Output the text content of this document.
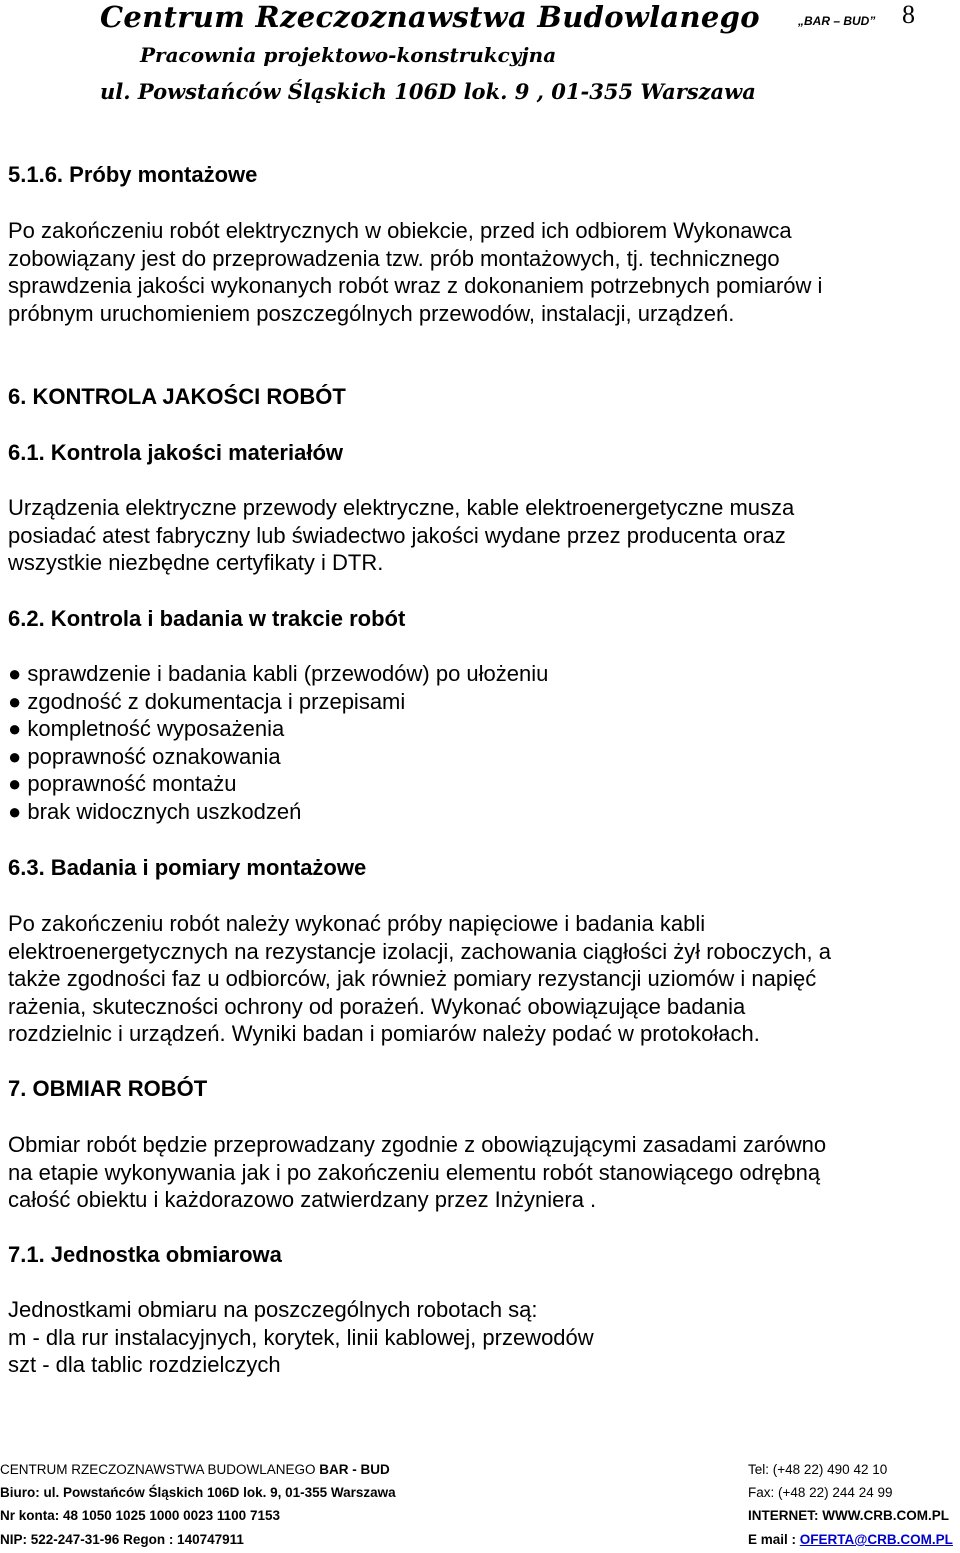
Centrum Rzeczoznawstwa Budowlanego	„BAR – BUD” 8
Pracownia projektowo-konstrukcyjna
ul. Powstańców Śląskich 106D lok. 9 , 01-355 Warszawa
5.1.6. Próby montażowe
Po zakończeniu robót elektrycznych w obiekcie, przed ich odbiorem Wykonawca
zobowiązany jest do przeprowadzenia tzw. prób montażowych, tj. technicznego
sprawdzenia jakości wykonanych robót wraz z dokonaniem potrzebnych pomiarów i
próbnym uruchomieniem poszczególnych przewodów, instalacji, urządzeń.
6. KONTROLA JAKOŚCI ROBÓT
6.1. Kontrola jakości materiałów
Urządzenia elektryczne przewody elektryczne, kable elektroenergetyczne musza
posiadać atest fabryczny lub świadectwo jakości wydane przez producenta oraz
wszystkie niezbędne certyfikaty i DTR.
6.2. Kontrola i badania w trakcie robót
● sprawdzenie i badania kabli (przewodów) po ułożeniu
● zgodność z dokumentacja i przepisami
● kompletność wyposażenia
● poprawność oznakowania
● poprawność montażu
● brak widocznych uszkodzeń
6.3. Badania i pomiary montażowe
Po zakończeniu robót należy wykonać próby napięciowe i badania kabli
elektroenergetycznych na rezystancje izolacji, zachowania ciągłości żył roboczych, a
także zgodności faz u odbiorców, jak również pomiary rezystancji uziomów i napięć
rażenia, skuteczności ochrony od porażeń. Wykonać obowiązujące badania
rozdzielnic i urządzeń. Wyniki badan i pomiarów należy podać w protokołach.
7. OBMIAR ROBÓT
Obmiar robót będzie przeprowadzany zgodnie z obowiązującymi zasadami zarówno
na etapie wykonywania jak i po zakończeniu elementu robót stanowiącego odrębną
całość obiektu i każdorazowo zatwierdzany przez Inżyniera .
7.1. Jednostka obmiarowa
Jednostkami obmiaru na poszczególnych robotach są:
m - dla rur instalacyjnych, korytek, linii kablowej, przewodów
szt - dla tablic rozdzielczych
CENTRUM RZECZOZNAWSTWA BUDOWLANEGO BAR - BUD
Biuro: ul. Powstańców Śląskich 106D lok. 9, 01-355 Warszawa
Nr konta: 48 1050 1025 1000 0023 1100 7153
NIP: 522-247-31-96 Regon : 140747911
Tel: (+48 22) 490 42 10
Fax: (+48 22) 244 24 99
INTERNET: WWW.CRB.COM.PL
E mail : OFERTA@CRB.COM.PL
